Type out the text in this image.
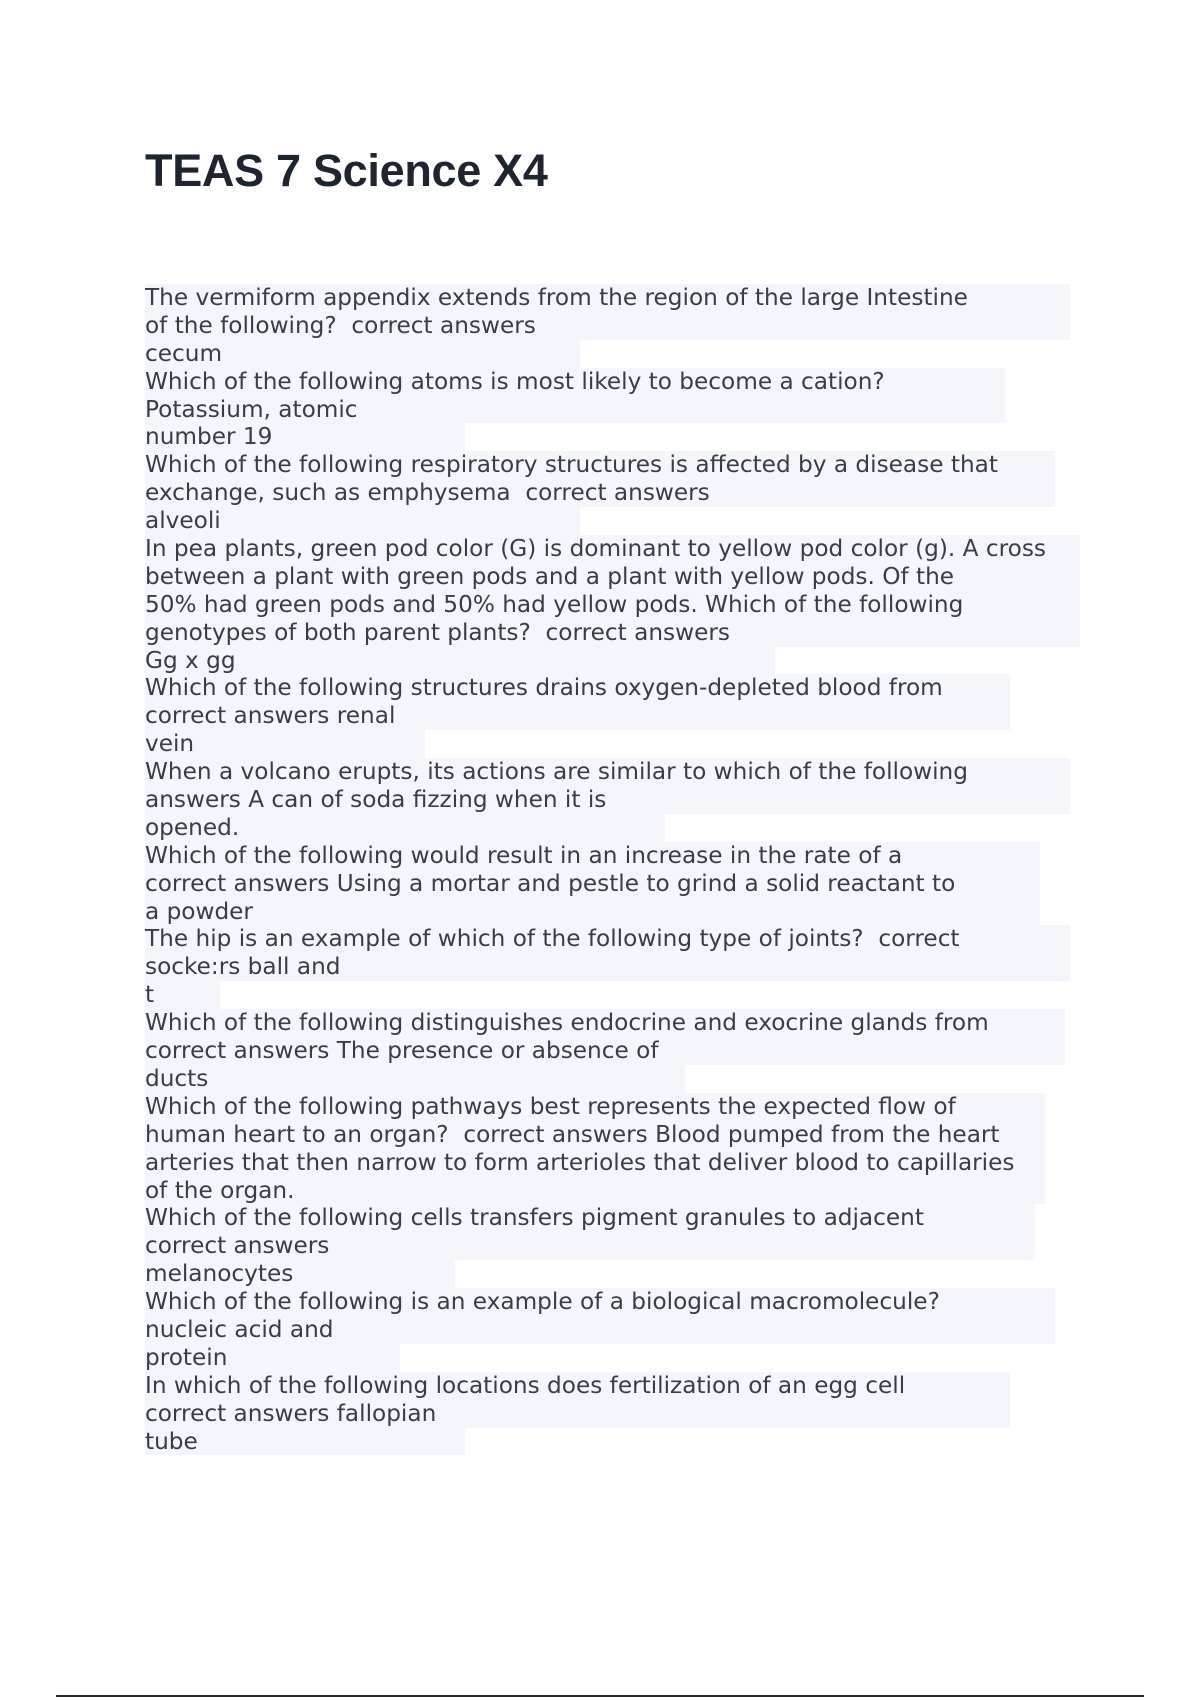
TEAS 7 Science X4
The vermiform appendix extends from the region of the large Intestine
of the following?  correct answers
cecum
Which of the following atoms is most likely to become a cation?
Potassium, atomic
number 19
Which of the following respiratory structures is affected by a disease that
exchange, such as emphysema  correct answers
alveoli
In pea plants, green pod color (G) is dominant to yellow pod color (g). A cross
between a plant with green pods and a plant with yellow pods. Of the
50% had green pods and 50% had yellow pods. Which of the following
genotypes of both parent plants?  correct answers
Gg x gg
Which of the following structures drains oxygen-depleted blood from
correct answers renal
vein
When a volcano erupts, its actions are similar to which of the following
answers A can of soda fizzing when it is
opened.
Which of the following would result in an increase in the rate of a
correct answers Using a mortar and pestle to grind a solid reactant to
a powder
The hip is an example of which of the following type of joints?  correct
socke:rs ball and
t
Which of the following distinguishes endocrine and exocrine glands from
correct answers The presence or absence of
ducts
Which of the following pathways best represents the expected flow of
human heart to an organ?  correct answers Blood pumped from the heart
arteries that then narrow to form arterioles that deliver blood to capillaries
of the organ.
Which of the following cells transfers pigment granules to adjacent
correct answers
melanocytes
Which of the following is an example of a biological macromolecule?
nucleic acid and
protein
In which of the following locations does fertilization of an egg cell
correct answers fallopian
tube
